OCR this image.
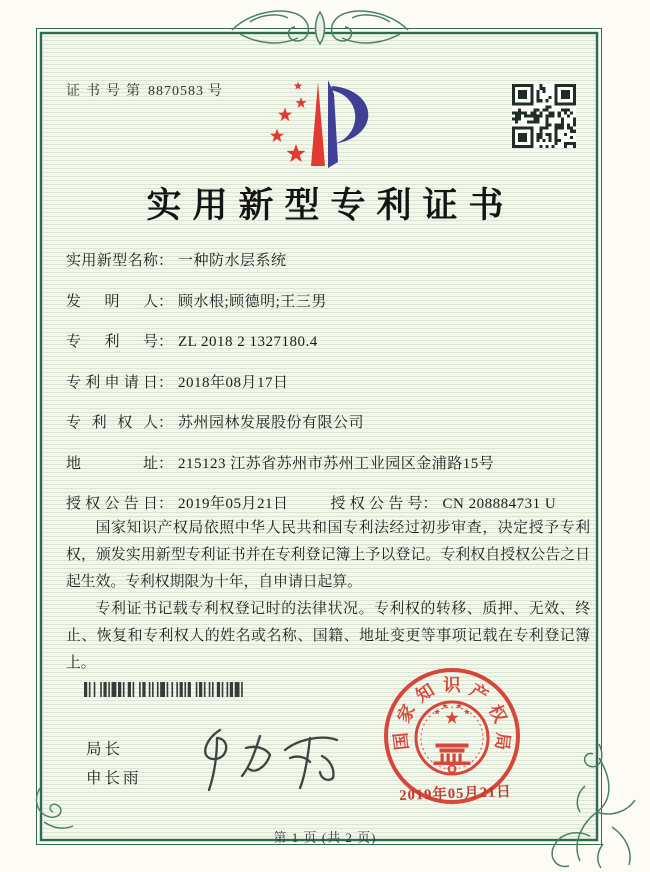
证书号第 8870583 号
实用新型专利证书
实用新型名称 ： 一种防水层系统
发明人 ： 顾水根;顾德明;王三男
专利号 ： ZL 2018 2 1327180.4
专利申请日 ： 2018年08月17日
专利权人 ： 苏州园林发展股份有限公司
地址 ： 215123 江苏省苏州市苏州工业园区金浦路15号
授权公告日 ： 2019年05月21日	授权公告号 ： CN 208884731 U

国家知识产权局依照中华人民共和国专利法经过初步审查，决定授予专利权，颁发实用新型专利证书并在专利登记簿上予以登记。专利权自授权公告之日起生效。专利权期限为十年，自申请日起算。

专利证书记载专利权登记时的法律状况。专利权的转移、质押、无效、终止、恢复和专利权人的姓名或名称、国籍、地址变更等事项记载在专利登记簿上。

局长
申长雨
国
家
知 识 产
权
局
2019年05月21日
第 1 页 (共 2 页)
